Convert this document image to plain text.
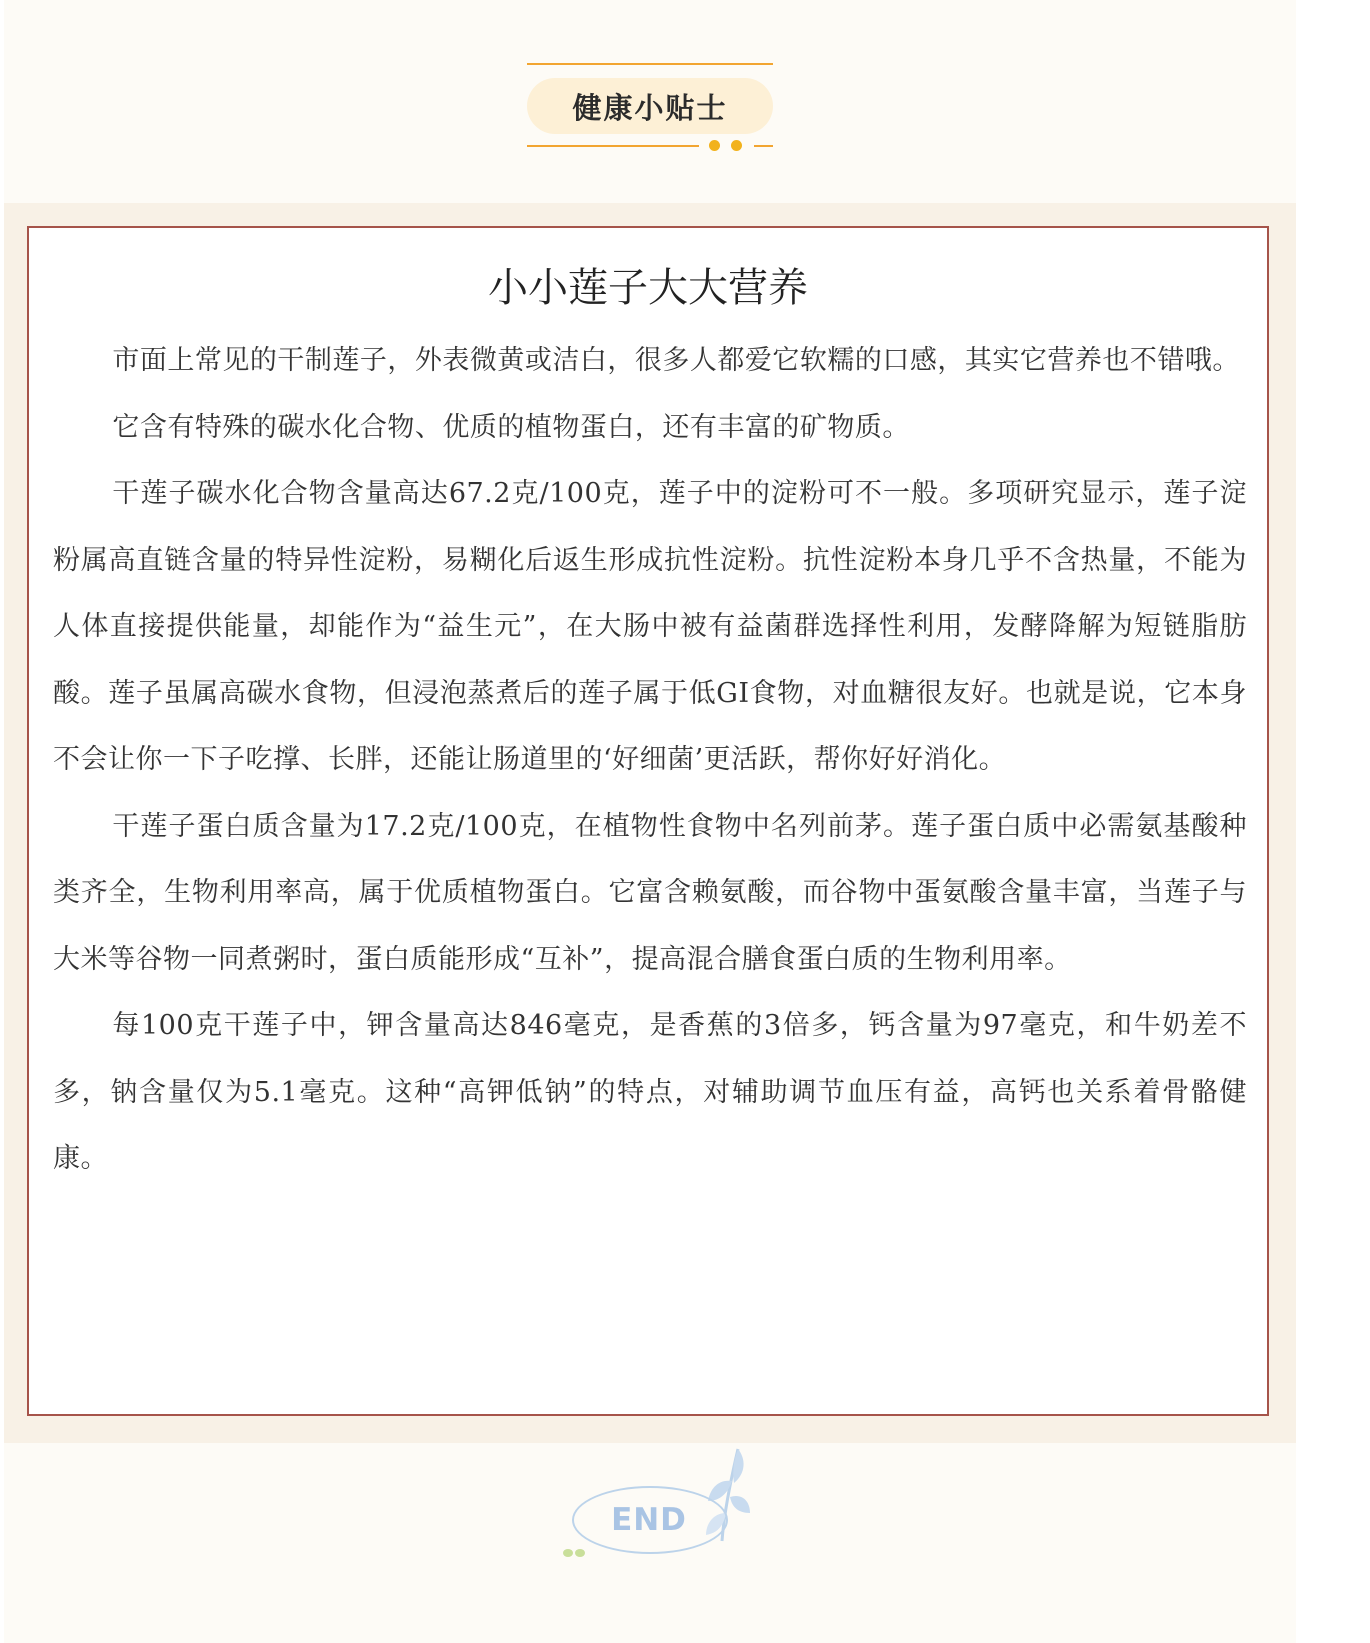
健康小贴士
小小莲子大大营养

市面上常见的干制莲子，外表微黄或洁白，很多人都爱它软糯的口感，其实它营养也不错哦。

它含有特殊的碳水化合物、优质的植物蛋白，还有丰富的矿物质。

干莲子碳水化合物含量高达67.2克/100克，莲子中的淀粉可不一般。多项研究显示，莲子淀粉属高直链含量的特异性淀粉，易糊化后返生形成抗性淀粉。抗性淀粉本身几乎不含热量，不能为人体直接提供能量，却能作为“益生元”，在大肠中被有益菌群选择性利用，发酵降解为短链脂肪酸。莲子虽属高碳水食物，但浸泡蒸煮后的莲子属于低GI食物，对血糖很友好。也就是说，它本身不会让你一下子吃撑、长胖，还能让肠道里的‘好细菌’更活跃，帮你好好消化。

干莲子蛋白质含量为17.2克/100克，在植物性食物中名列前茅。莲子蛋白质中必需氨基酸种类齐全，生物利用率高，属于优质植物蛋白。它富含赖氨酸，而谷物中蛋氨酸含量丰富，当莲子与大米等谷物一同煮粥时，蛋白质能形成“互补”，提高混合膳食蛋白质的生物利用率。

每100克干莲子中，钾含量高达846毫克，是香蕉的3倍多，钙含量为97毫克，和牛奶差不多，钠含量仅为5.1毫克。这种“高钾低钠”的特点，对辅助调节血压有益，高钙也关系着骨骼健康。

END
